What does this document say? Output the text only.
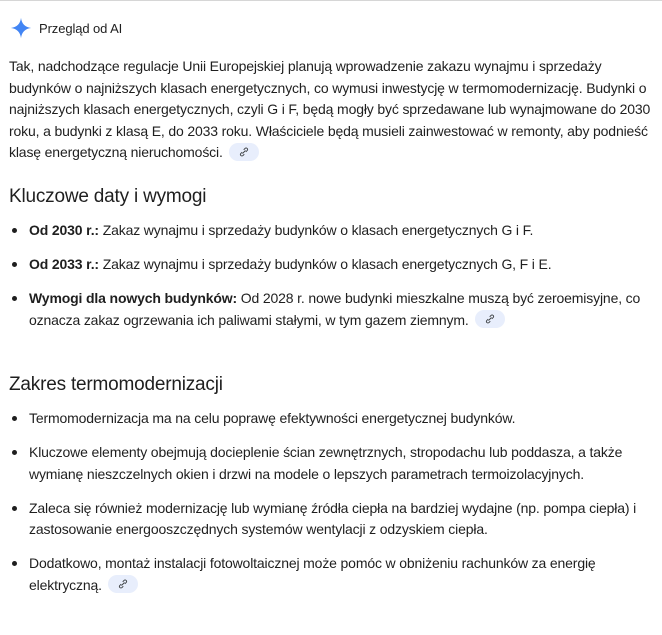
Przegląd od AI

Tak, nadchodzące regulacje Unii Europejskiej planują wprowadzenie zakazu wynajmu i sprzedaży budynków o najniższych klasach energetycznych, co wymusi inwestycję w termomodernizację. Budynki o najniższych klasach energetycznych, czyli G i F, będą mogły być sprzedawane lub wynajmowane do 2030 roku, a budynki z klasą E, do 2033 roku. Właściciele będą musieli zainwestować w remonty, aby podnieść klasę energetyczną nieruchomości.

Kluczowe daty i wymogi
Od 2030 r.: Zakaz wynajmu i sprzedaży budynków o klasach energetycznych G i F.
Od 2033 r.: Zakaz wynajmu i sprzedaży budynków o klasach energetycznych G, F i E.
Wymogi dla nowych budynków: Od 2028 r. nowe budynki mieszkalne muszą być zeroemisyjne, co oznacza zakaz ogrzewania ich paliwami stałymi, w tym gazem ziemnym.
Zakres termomodernizacji
Termomodernizacja ma na celu poprawę efektywności energetycznej budynków.
Kluczowe elementy obejmują docieplenie ścian zewnętrznych, stropodachu lub poddasza, a także wymianę nieszczelnych okien i drzwi na modele o lepszych parametrach termoizolacyjnych.
Zaleca się również modernizację lub wymianę źródła ciepła na bardziej wydajne (np. pompa ciepła) i zastosowanie energooszczędnych systemów wentylacji z odzyskiem ciepła.
Dodatkowo, montaż instalacji fotowoltaicznej może pomóc w obniżeniu rachunków za energię elektryczną.
